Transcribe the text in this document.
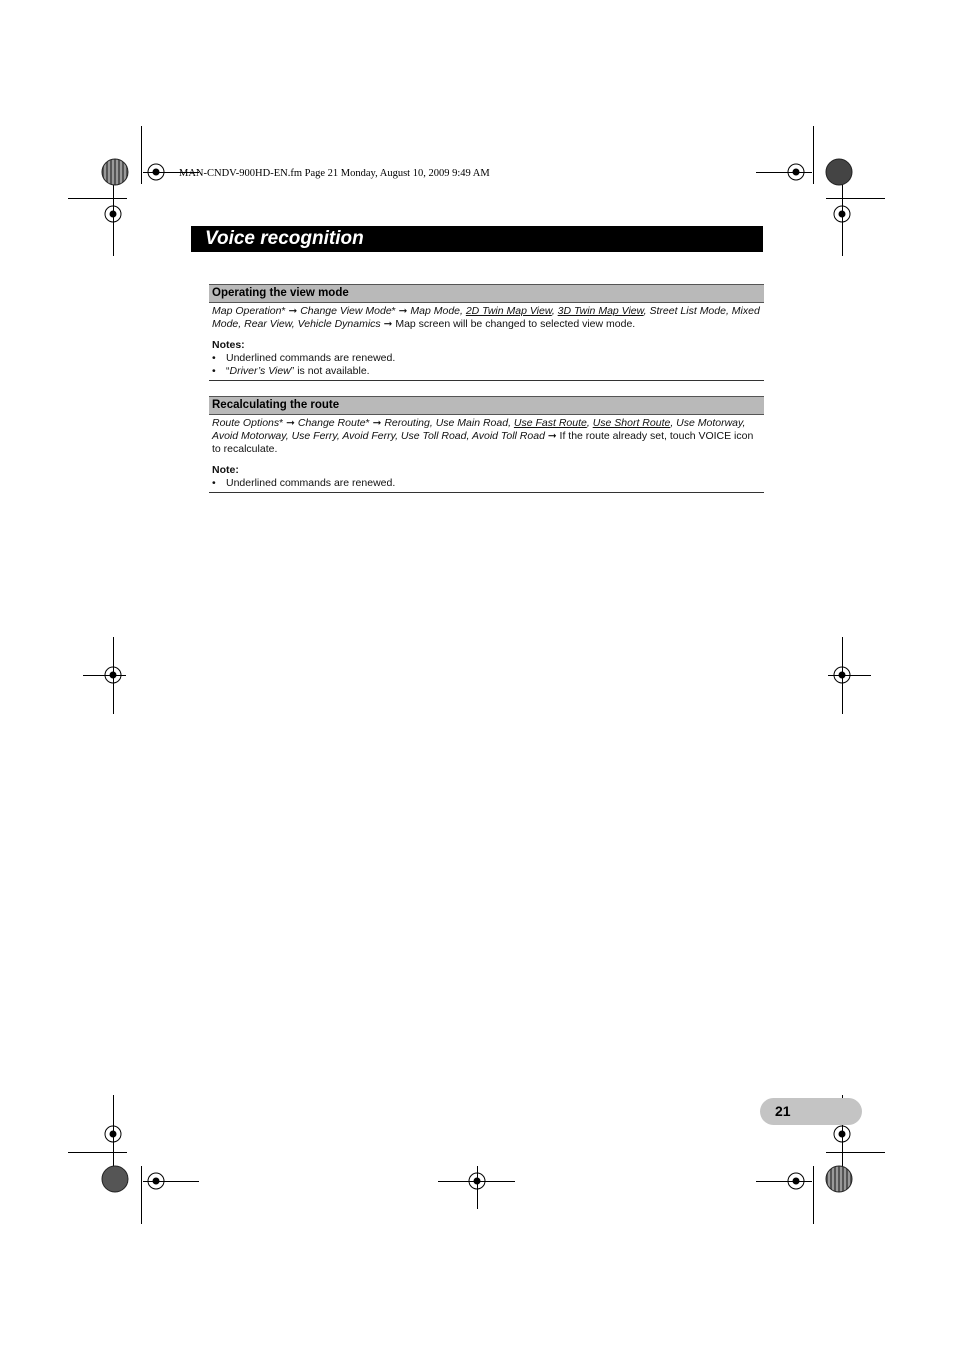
MAN-CNDV-900HD-EN.fm Page 21 Monday, August 10, 2009 9:49 AM
Voice recognition
Operating the view mode
Map Operation* ➞ Change View Mode* ➞ Map Mode, 2D Twin Map View, 3D Twin Map View, Street List Mode, Mixed Mode, Rear View, Vehicle Dynamics ➞ Map screen will be changed to selected view mode.
Notes:
• Underlined commands are renewed.
• “Driver’s View” is not available.
Recalculating the route
Route Options* ➞ Change Route* ➞ Rerouting, Use Main Road, Use Fast Route, Use Short Route, Use Motorway, Avoid Motorway, Use Ferry, Avoid Ferry, Use Toll Road, Avoid Toll Road ➞ If the route already set, touch VOICE icon to recalculate.
Note:
• Underlined commands are renewed.
21
